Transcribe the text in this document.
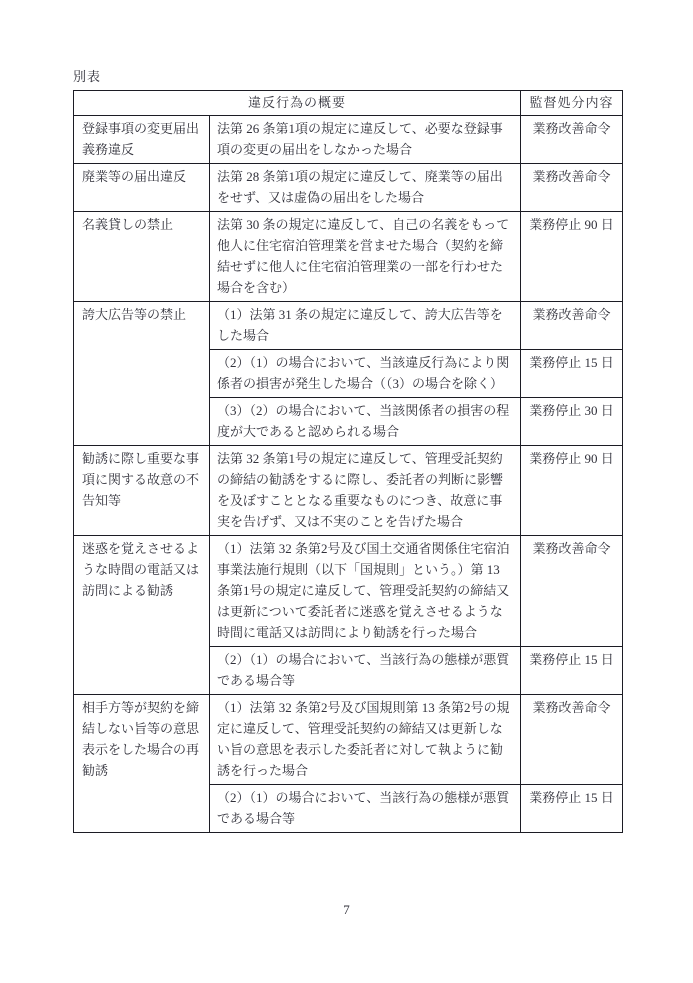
別表
違反行為の概要		監督処分内容
登録事項の変更届出義務違反	法第 26 条第1項の規定に違反して、必要な登録事項の変更の届出をしなかった場合	業務改善命令
廃業等の届出違反	法第 28 条第1項の規定に違反して、廃業等の届出をせず、又は虚偽の届出をした場合	業務改善命令
名義貸しの禁止	法第 30 条の規定に違反して、自己の名義をもって他人に住宅宿泊管理業を営ませた場合（契約を締結せずに他人に住宅宿泊管理業の一部を行わせた場合を含む）	業務停止 90 日
誇大広告等の禁止	（1）法第 31 条の規定に違反して、誇大広告等をした場合	業務改善命令
	（2）（1）の場合において、当該違反行為により関係者の損害が発生した場合（（3）の場合を除く）	業務停止 15 日
	（3）（2）の場合において、当該関係者の損害の程度が大であると認められる場合	業務停止 30 日
勧誘に際し重要な事項に関する故意の不告知等	法第 32 条第1号の規定に違反して、管理受託契約の締結の勧誘をするに際し、委託者の判断に影響を及ぼすこととなる重要なものにつき、故意に事実を告げず、又は不実のことを告げた場合	業務停止 90 日
迷惑を覚えさせるような時間の電話又は訪問による勧誘	（1）法第 32 条第2号及び国土交通省関係住宅宿泊事業法施行規則（以下「国規則」という。）第 13 条第1号の規定に違反して、管理受託契約の締結又は更新について委託者に迷惑を覚えさせるような時間に電話又は訪問により勧誘を行った場合	業務改善命令
	（2）（1）の場合において、当該行為の態様が悪質である場合等	業務停止 15 日
相手方等が契約を締結しない旨等の意思表示をした場合の再勧誘	（1）法第 32 条第2号及び国規則第 13 条第2号の規定に違反して、管理受託契約の締結又は更新しない旨の意思を表示した委託者に対して執ように勧誘を行った場合	業務改善命令
	（2）（1）の場合において、当該行為の態様が悪質である場合等	業務停止 15 日
7
